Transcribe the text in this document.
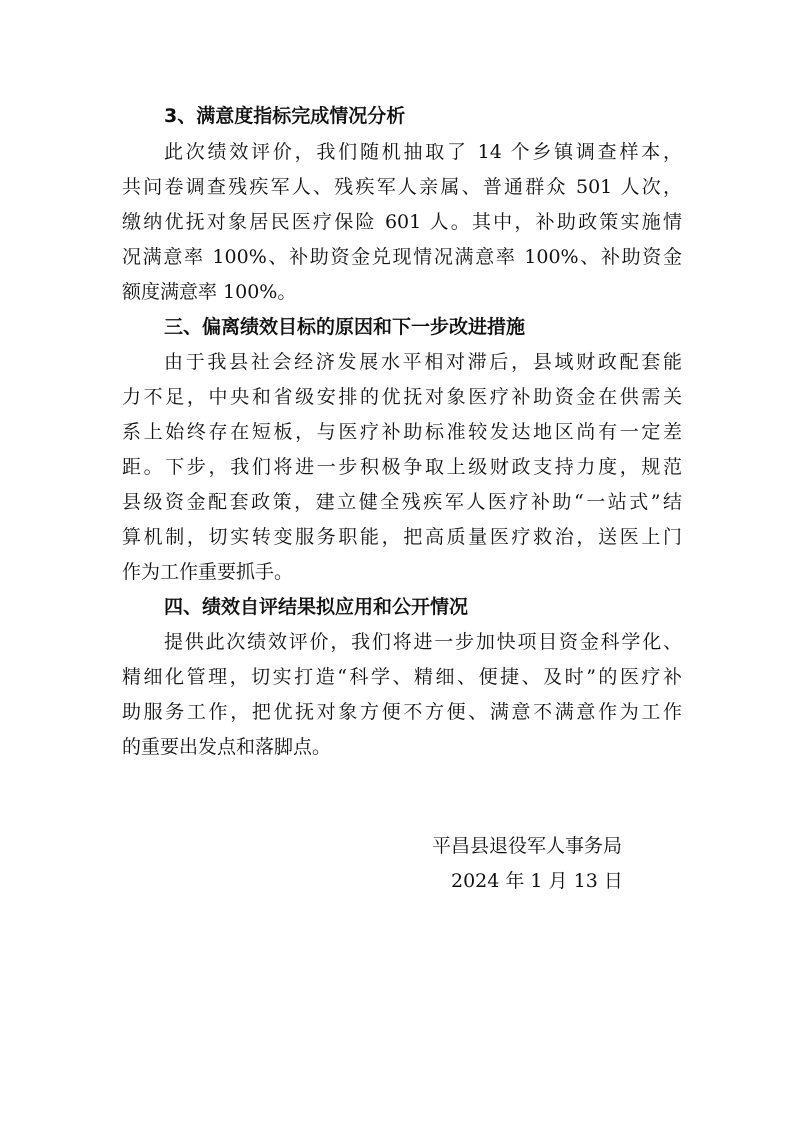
3、满意度指标完成情况分析
此次绩效评价，我们随机抽取了 14 个乡镇调查样本，
共问卷调查残疾军人、残疾军人亲属、普通群众 501 人次，
缴纳优抚对象居民医疗保险 601 人。其中，补助政策实施情
况满意率 100%、补助资金兑现情况满意率 100%、补助资金
额度满意率 100%。
三、偏离绩效目标的原因和下一步改进措施
由于我县社会经济发展水平相对滞后，县域财政配套能
力不足，中央和省级安排的优抚对象医疗补助资金在供需关
系上始终存在短板，与医疗补助标准较发达地区尚有一定差
距。下步，我们将进一步积极争取上级财政支持力度，规范
县级资金配套政策，建立健全残疾军人医疗补助“一站式”结
算机制，切实转变服务职能，把高质量医疗救治，送医上门
作为工作重要抓手。
四、绩效自评结果拟应用和公开情况
提供此次绩效评价，我们将进一步加快项目资金科学化、
精细化管理，切实打造“科学、精细、便捷、及时”的医疗补
助服务工作，把优抚对象方便不方便、满意不满意作为工作
的重要出发点和落脚点。
平昌县退役军人事务局
2024 年 1 月 13 日
